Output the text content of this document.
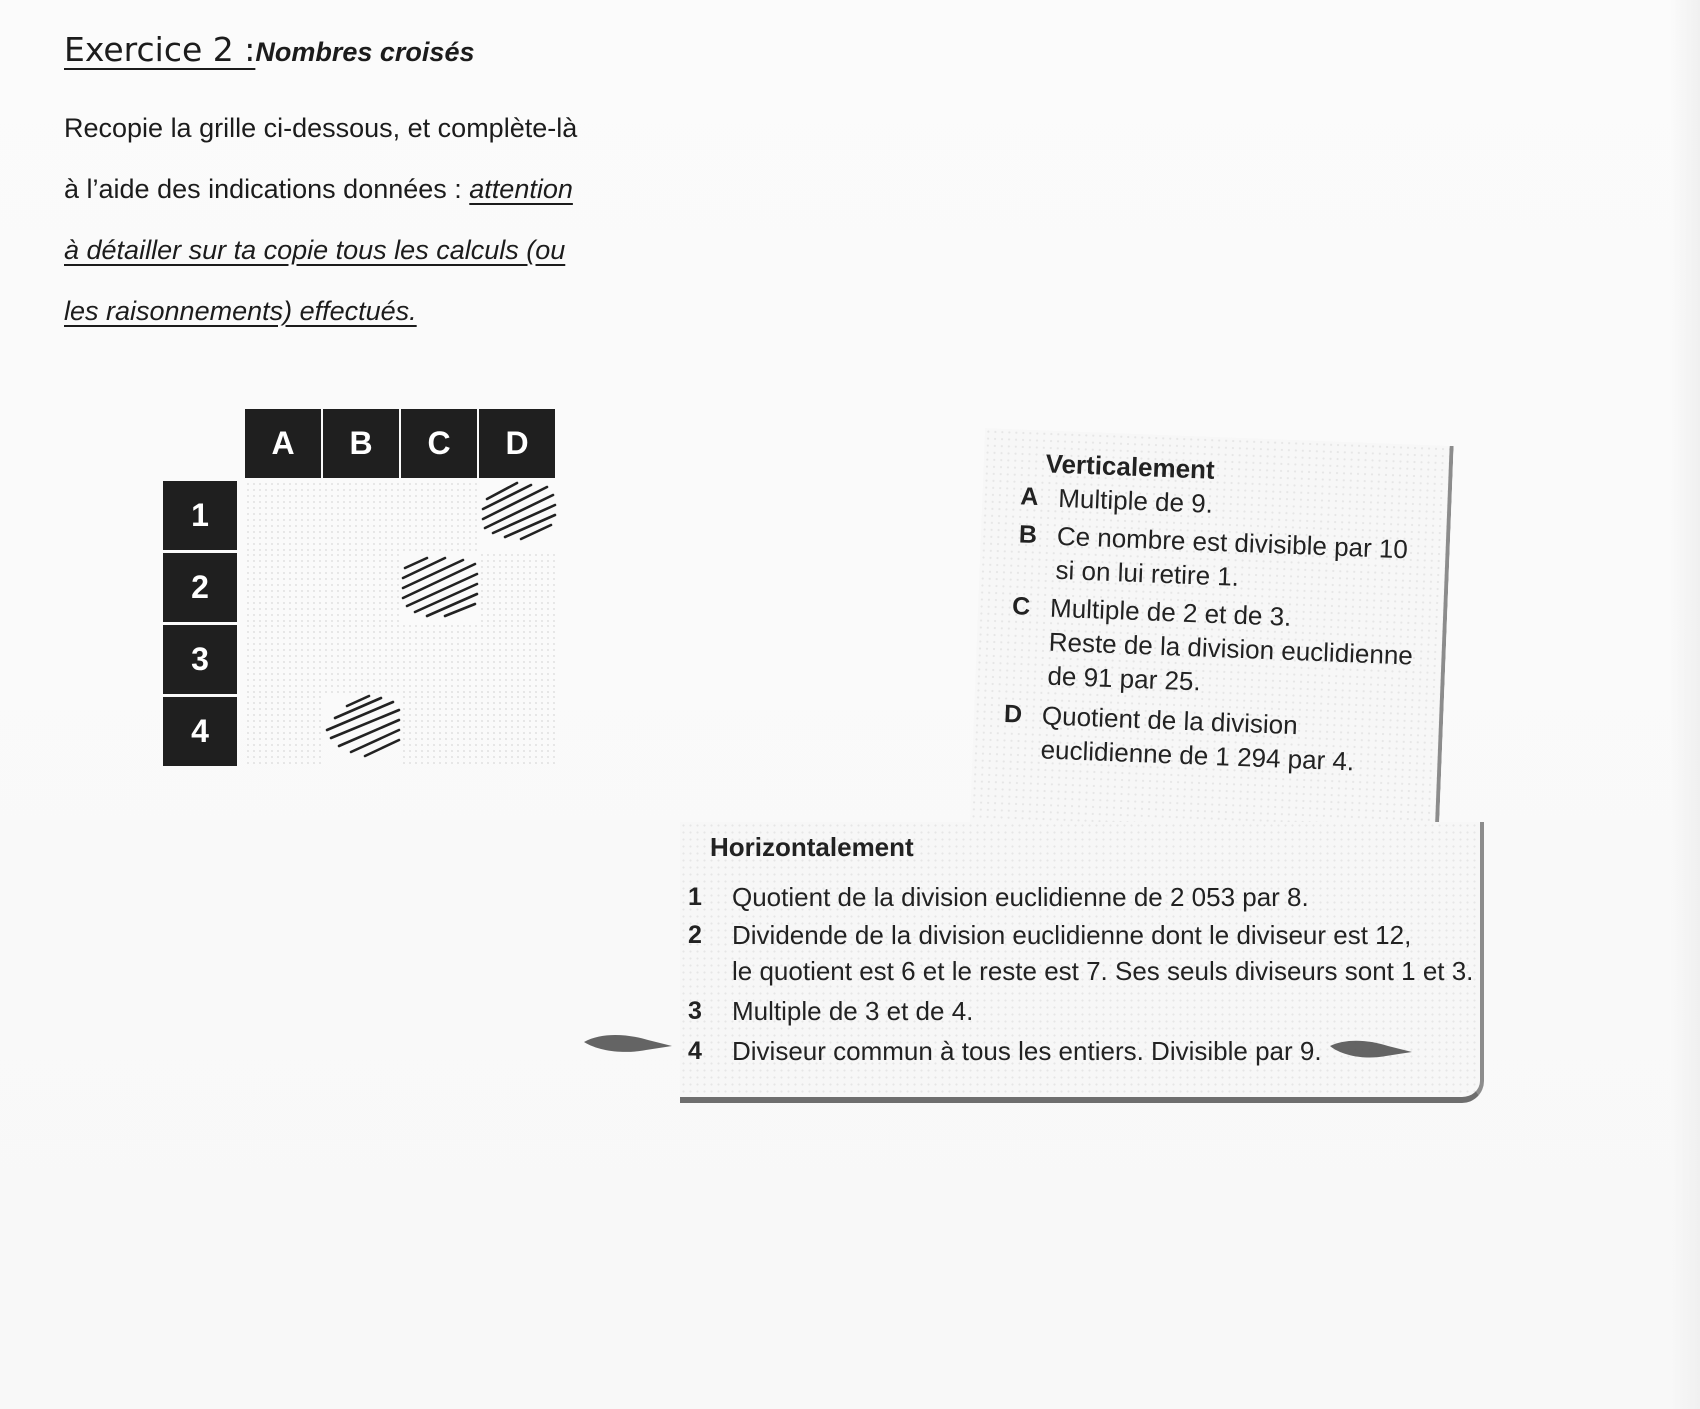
Exercice 2 :Nombres croisés
Recopie la grille ci-dessous, et complète-là
à l’aide des indications données : attention
à détailler sur ta copie tous les calculs (ou
les raisonnements) effectués.
A	B	C	D
1
2
3
4
Verticalement
A Multiple de 9.
B Ce nombre est divisible par 10
si on lui retire 1.
C Multiple de 2 et de 3.
Reste de la division euclidienne
de 91 par 25.
D Quotient de la division
euclidienne de 1 294 par 4.
Horizontalement
1 Quotient de la division euclidienne de 2 053 par 8.
2 Dividende de la division euclidienne dont le diviseur est 12,
le quotient est 6 et le reste est 7. Ses seuls diviseurs sont 1 et 3.
3 Multiple de 3 et de 4.
4 Diviseur commun à tous les entiers. Divisible par 9.
